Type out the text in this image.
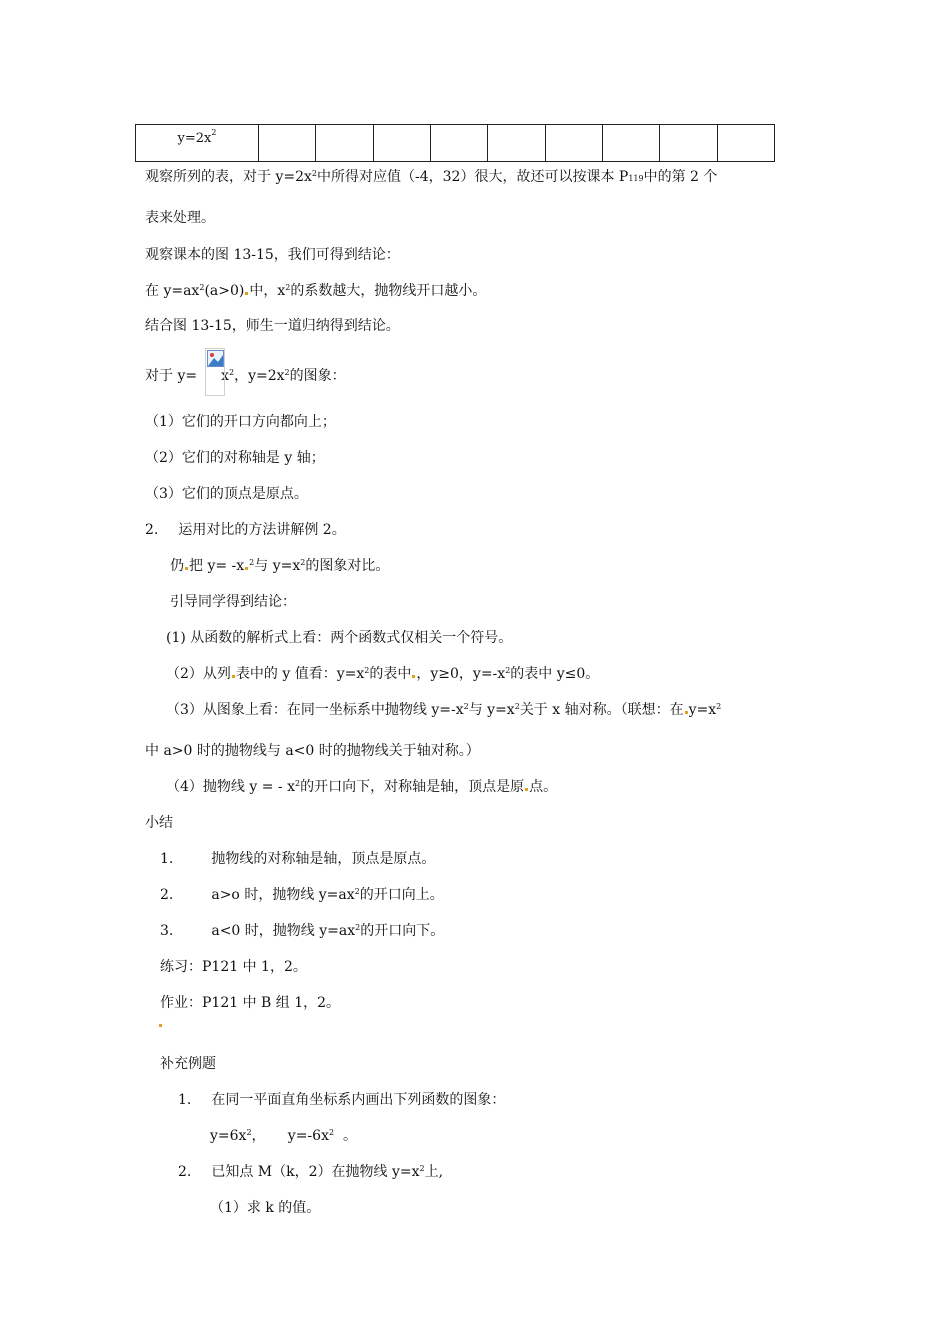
$y=2x^2$									
观察所列的表，对于 $y=2x^2$中所得对应值（-4，32）很大，故还可以按课本 $P_{119}$中的第 2 个
表来处理。
观察课本的图 13-15，我们可得到结论：
在 $y=ax^2(a>0)$ 中，$x^2$的系数越大，抛物线开口越小。
结合图 13-15，师生一道归纳得到结论。
对于 $y= x^2$，$y=2x^2$的图象：
（1）它们的开口方向都向上；
（2）它们的对称轴是 y 轴；
（3）它们的顶点是原点。
2. 运用对比的方法讲解例 2。
仍 把 y= -x $^2$与 $y=x^2$的图象对比。
引导同学得到结论：
(1) 从函数的解析式上看：两个函数式仅相关一个符号。
（2）从列 表中的 y 值看：$y=x^2$的表中 ，y≥0，$y=-x^2$的表中 y≤0。
（3）从图象上看：在同一坐标系中抛物线 $y=-x^2$与 $y=x^2$关于 x 轴对称。（联想：在 $y=x^2$
中 a>0 时的抛物线与 a<0 时的抛物线关于轴对称。）
（4）抛物线 y = - $x^2$的开口向下，对称轴是轴，顶点是原 点。
小结
1.	抛物线的对称轴是轴，顶点是原点。
2.	a>o 时，抛物线 $y=ax^2$的开口向上。
3.	a<0 时，抛物线 $y=ax^2$的开口向下。
练习：P121 中 1，2。
作业：P121 中 B 组 1，2。
补充例题
1. 在同一平面直角坐标系内画出下列函数的图象：
$y=6x^2$，     $y=-6x^2$  。
2. 已知点 M（k，2）在抛物线 $y=x^2$上,
（1）求 k 的值。
